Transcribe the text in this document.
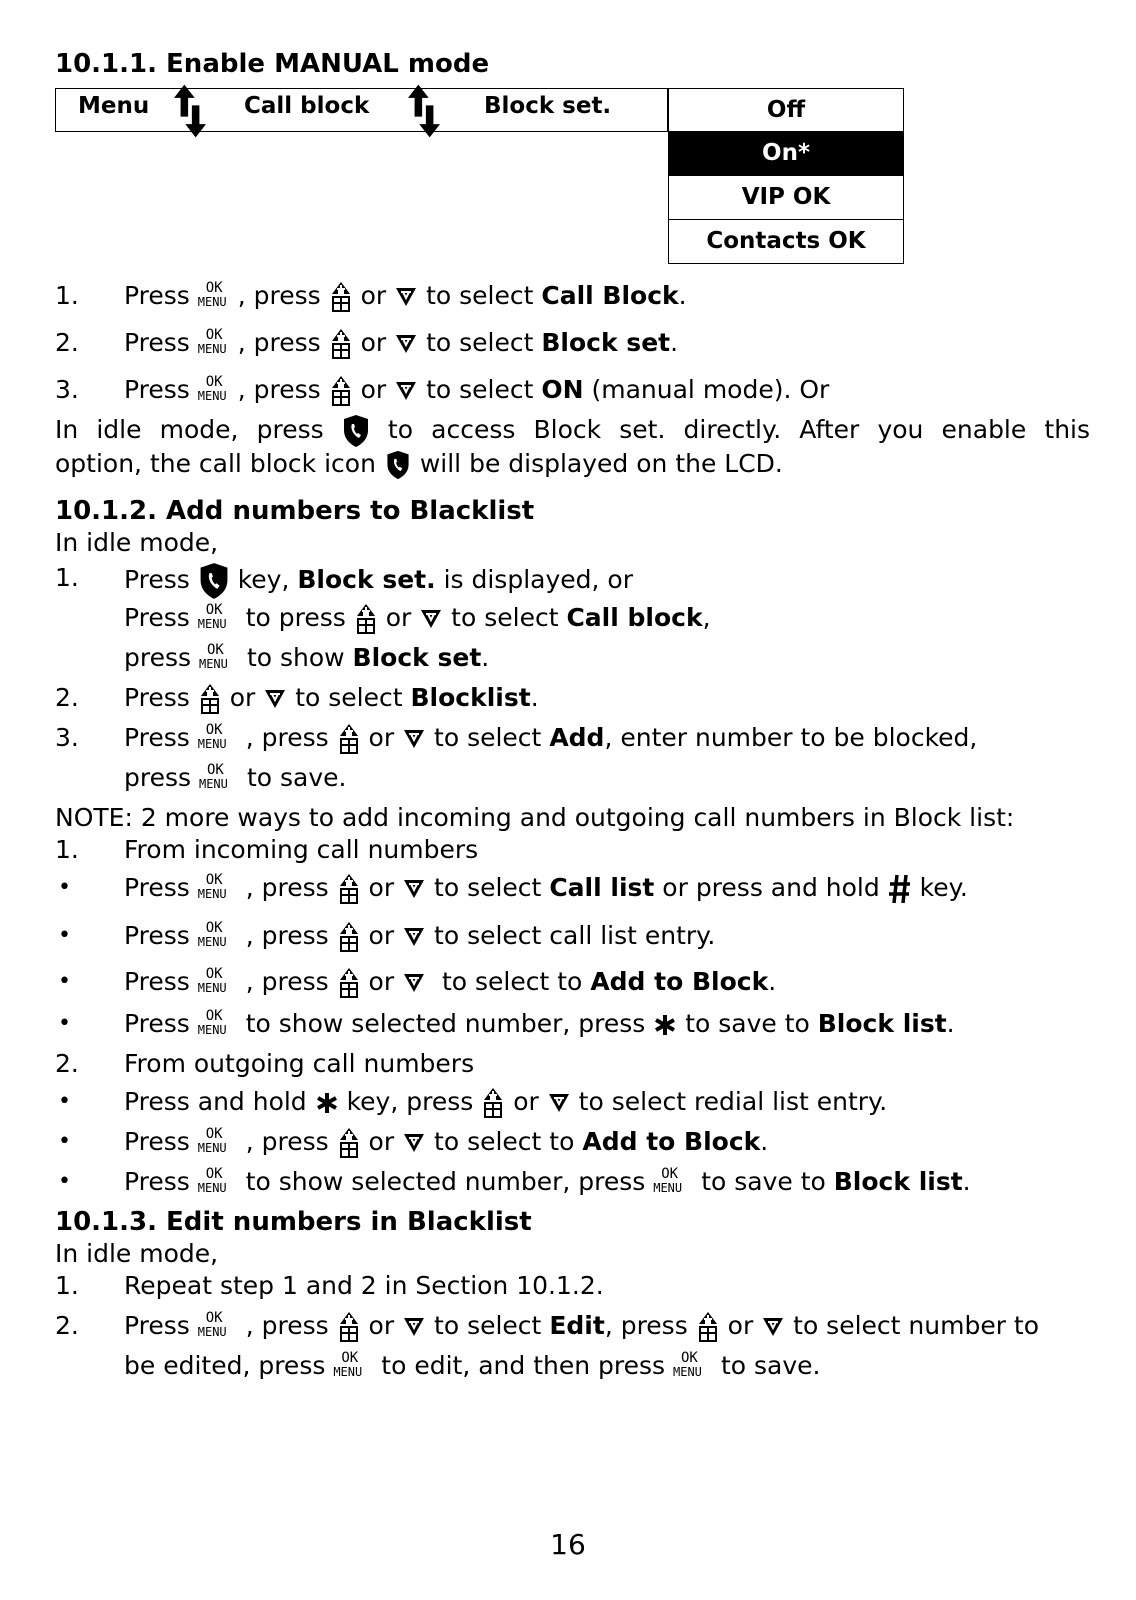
10.1.1. Enable MANUAL mode
Menu	Call block	Block set.	Off
On*
VIP OK
Contacts OK
1. Press OK
MENU , press or to select Call Block.
2. Press OK
MENU , press or to select Block set.
3. Press OK
MENU , press or to select ON (manual mode). Or
In idle mode, press	to access Block set. directly. After you enable this
option, the call block icon will be displayed on the LCD.
10.1.2. Add numbers to Blacklist
In idle mode,
1. Press key, Block set. is displayed, or
Press OK
MENU to press or to select Call block,
press OK
MENU to show Block set.
2. Press or to select Blocklist.
3. Press OK
MENU , press or to select Add, enter number to be blocked,
press OK
MENU to save.
NOTE: 2 more ways to add incoming and outgoing call numbers in Block list:
1. From incoming call numbers
• Press OK
MENU , press or to select Call list or press and hold key.
• Press OK
MENU , press or to select call list entry.
• Press OK
MENU , press or to select to Add to Block.
• Press OK
MENU to show selected number, press to save to Block list.
2. From outgoing call numbers
• Press and hold key, press or to select redial list entry.
• Press OK
MENU , press or to select to Add to Block.
• Press OK
MENU to show selected number, press OK
MENU to save to Block list.
10.1.3. Edit numbers in Blacklist
In idle mode,
1. Repeat step 1 and 2 in Section 10.1.2.
2. Press OK
MENU , press or to select Edit, press or to select number to
be edited, press OK
MENU to edit, and then press OK
MENU to save.
16
